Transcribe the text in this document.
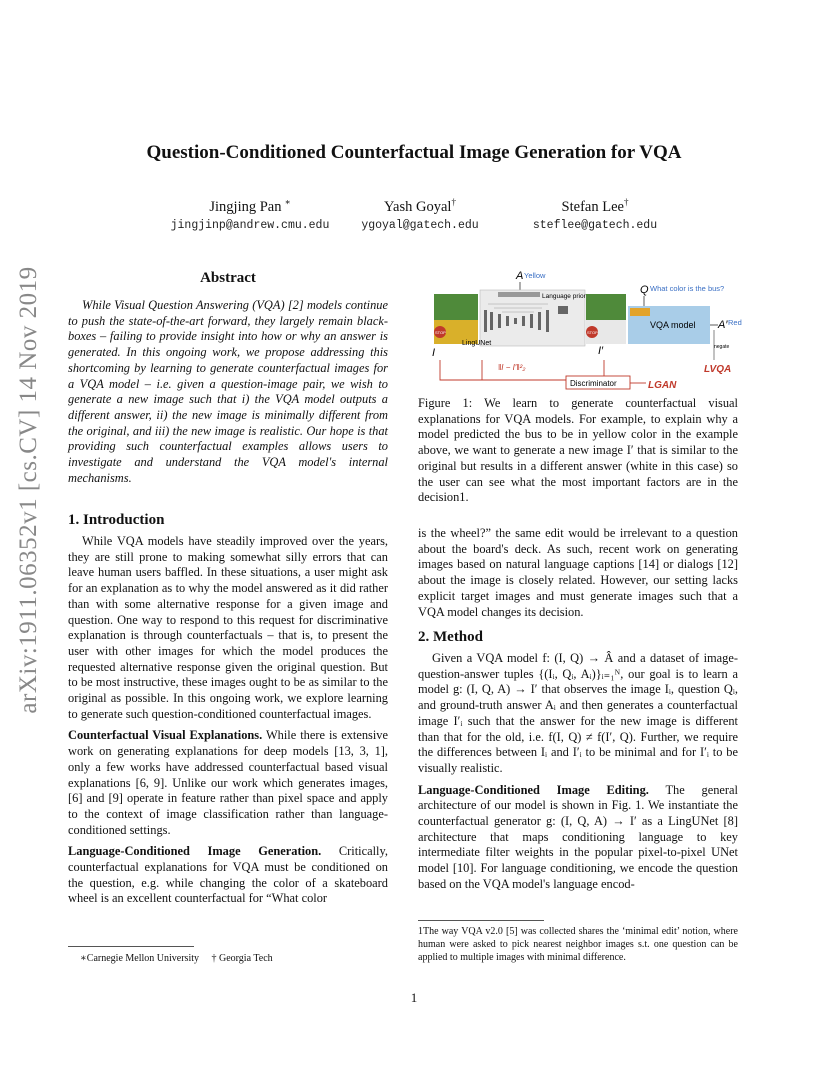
Question-Conditioned Counterfactual Image Generation for VQA
Jingjing Pan ∗
jingjinp@andrew.cmu.edu
Yash Goyal†
ygoyal@gatech.edu
Stefan Lee†
steflee@gatech.edu
arXiv:1911.06352v1 [cs.CV] 14 Nov 2019	Abstract

While Visual Question Answering (VQA) [2] models continue to push the state-of-the-art forward, they largely remain black-boxes – failing to provide insight into how or why an answer is generated. In this ongoing work, we propose addressing this shortcoming by learning to generate counterfactual images for a VQA model – i.e. given a question-image pair, we wish to generate a new image such that i) the VQA model outputs a different answer, ii) the new image is minimally different from the original, and iii) the new image is realistic. Our hope is that providing such counterfactual examples allows users to investigate and understand the VQA model's internal mechanisms.

1. Introduction

While VQA models have steadily improved over the years, they are still prone to making somewhat silly errors that can leave human users baffled. In these situations, a user might ask for an explanation as to why the model answered as it did rather than with some alternative response for a given image and question. One way to respond to this request for discriminative explanation is through counterfactuals – that is, to present the user with other images for which the model produces the requested alternative response given the original question. But to be most instructive, these images ought to be as similar to the original as possible. In this ongoing work, we explore learning to generate such question-conditioned counterfactual images.

Counterfactual Visual Explanations. While there is extensive work on generating explanations for deep models [13, 3, 1], only a few works have addressed counterfactual based visual explanations [6, 9]. Unlike our work which generates images, [6] and [9] operate in feature rather than pixel space and apply to the context of image classification rather than language-conditioned settings.

Language-Conditioned Image Generation. Critically, counterfactual explanations for VQA must be conditioned on the question, e.g. while changing the color of a skateboard wheel is an excellent counterfactual for “What color

∗Carnegie Mellon University     † Georgia Tech
A Yellow
Q What color is the bus?
STOP
Language prior
LingUNet
STOP
VQA model A′ Red
negate
LVQA
I	I′
‖I − I′‖²₂
Discriminator	LGAN
Figure 1: We learn to generate counterfactual visual explanations for VQA models. For example, to explain why a model predicted the bus to be in yellow color in the example above, we want to generate a new image I′ that is similar to the original but results in a different answer (white in this case) so the user can see what the most important factors are in the decision1.

is the wheel?” the same edit would be irrelevant to a question about the board's deck. As such, recent work on generating images based on natural language captions [14] or dialogs [12] about the image is closely related. However, our setting lacks explicit target images and must generate images such that a VQA model changes its decision.

2. Method

Given a VQA model f: (I, Q) → Â and a dataset of image-question-answer tuples {(Iᵢ, Qᵢ, Aᵢ)}ᵢ₌₁ᴺ, our goal is to learn a model g: (I, Q, A) → I′ that observes the image Iᵢ, question Qᵢ, and ground-truth answer Aᵢ and then generates a counterfactual image I′ᵢ such that the answer for the new image is different than that for the old, i.e. f(I, Q) ≠ f(I′, Q). Further, we require the differences between Iᵢ and I′ᵢ to be minimal and for I′ᵢ to be visually realistic.

Language-Conditioned Image Editing. The general architecture of our model is shown in Fig. 1. We instantiate the counterfactual generator g: (I, Q, A) → I′ as a LingUNet [8] architecture that maps conditioning language to key intermediate filter weights in the popular pixel-to-pixel UNet model [10]. For language conditioning, we encode the question based on the VQA model's language encod-

1The way VQA v2.0 [5] was collected shares the ‘minimal edit’ notion, where human were asked to pick nearest neighbor images s.t. one question can be applied to multiple images with minimal difference.
1
